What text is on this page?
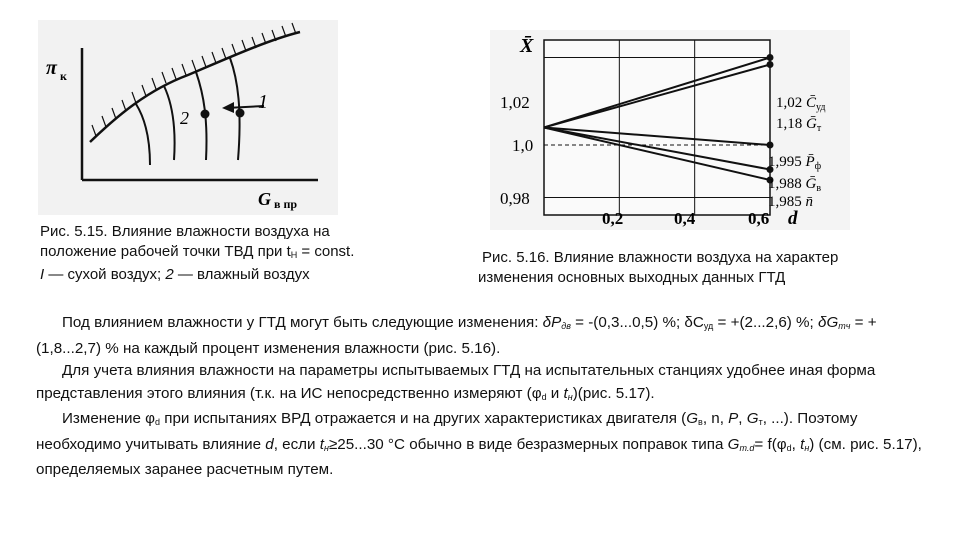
π к
G в пр
1
2
1,02
1,0
0,98
0,2	0,4	0,6 d
X̄
1,02 $C̄_{уд}$
1,18 Ḡ$_т$
1,995 $P̄_ф$
1,988 Ḡ$_в$
1,985 n̄
Рис. 5.15. Влияние влажности воздуха на
положение рабочей точки ТВД при $t_Н$ = const.
I — сухой воздух; 2 — влажный воздух
Рис. 5.16. Влияние влажности воздуха на характер
изменения основных выходных данных ГТД

Под влиянием влажности у ГТД могут быть следующие изменения: $\delta P_{дв} = -(0,3...0,5)$ %; $\delta C_{уд} = +(2...2,6)$ %; $\delta G_{тч} = +(1,8...2,7)$ % на каждый процент изменения влажности (рис. 5.16).

Для учета влияния влажности на параметры испытываемых ГТД на испытательных станциях удобнее иная форма представления этого влияния (т.к. на ИС непосредственно измеряют ($\varphi_d$ и $t_н)(рис$. 5.17).

Изменение $\varphi_d$ при испытаниях ВРД отражается и на других характеристиках двигателя ($G_в$, n, P, $G_т$, ...). Поэтому необходимо учитывать влияние d, если $t_н\ge 25...30$ °С обычно в виде безразмерных поправок типа $G_{т.d}= f(\varphi_d$, $t_н$) (см. рис. 5.17), определяемых заранее расчетным путем.
